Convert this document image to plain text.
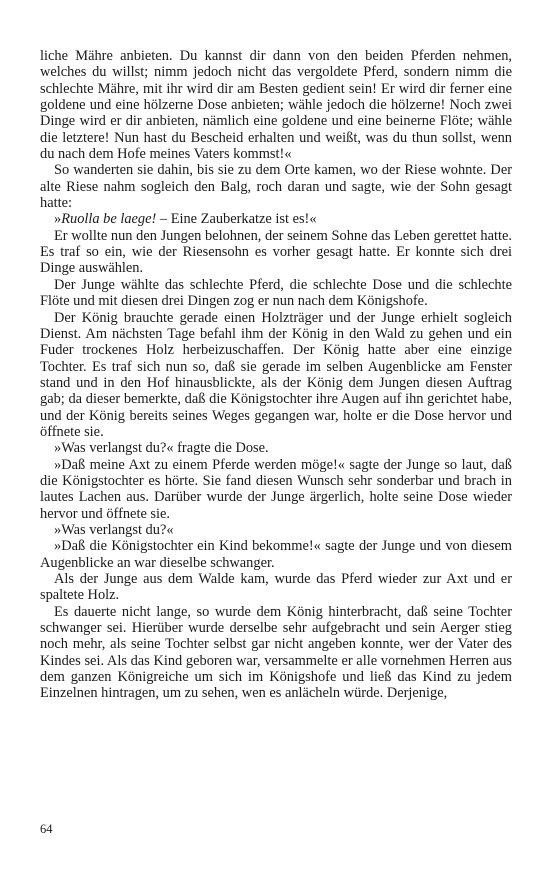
liche Mähre anbieten. Du kannst dir dann von den beiden Pferden nehmen, welches du willst; nimm jedoch nicht das vergoldete Pferd, sondern nimm die schlechte Mähre, mit ihr wird dir am Besten gedient sein! Er wird dir ferner eine goldene und eine hölzerne Dose anbieten; wähle jedoch die hölzerne! Noch zwei Dinge wird er dir anbieten, nämlich eine goldene und eine beinerne Flöte; wähle die letztere! Nun hast du Bescheid erhalten und weißt, was du thun sollst, wenn du nach dem Hofe meines Vaters kommst!«

So wanderten sie dahin, bis sie zu dem Orte kamen, wo der Riese wohnte. Der alte Riese nahm sogleich den Balg, roch daran und sagte, wie der Sohn gesagt hatte:

»Ruolla be laege! – Eine Zauberkatze ist es!«

Er wollte nun den Jungen belohnen, der seinem Sohne das Leben gerettet hatte. Es traf so ein, wie der Riesensohn es vorher gesagt hatte. Er konnte sich drei Dinge auswählen.

Der Junge wählte das schlechte Pferd, die schlechte Dose und die schlechte Flöte und mit diesen drei Dingen zog er nun nach dem Königshofe.

Der König brauchte gerade einen Holzträger und der Junge erhielt sogleich Dienst. Am nächsten Tage befahl ihm der König in den Wald zu gehen und ein Fuder trockenes Holz herbeizuschaffen. Der König hatte aber eine einzige Tochter. Es traf sich nun so, daß sie gerade im selben Augenblicke am Fenster stand und in den Hof hinausblickte, als der König dem Jungen diesen Auftrag gab; da dieser bemerkte, daß die Königstochter ihre Augen auf ihn gerichtet habe, und der König bereits seines Weges gegangen war, holte er die Dose hervor und öffnete sie.

»Was verlangst du?« fragte die Dose.

»Daß meine Axt zu einem Pferde werden möge!« sagte der Junge so laut, daß die Königstochter es hörte. Sie fand diesen Wunsch sehr sonderbar und brach in lautes Lachen aus. Darüber wurde der Junge ärgerlich, holte seine Dose wieder hervor und öffnete sie.

»Was verlangst du?«

»Daß die Königstochter ein Kind bekomme!« sagte der Junge und von diesem Augenblicke an war dieselbe schwanger.

Als der Junge aus dem Walde kam, wurde das Pferd wieder zur Axt und er spaltete Holz.

Es dauerte nicht lange, so wurde dem König hinterbracht, daß seine Tochter schwanger sei. Hierüber wurde derselbe sehr aufgebracht und sein Aerger stieg noch mehr, als seine Tochter selbst gar nicht angeben konnte, wer der Vater des Kindes sei. Als das Kind geboren war, versammelte er alle vornehmen Herren aus dem ganzen Königreiche um sich im Königshofe und ließ das Kind zu jedem Einzelnen hintragen, um zu sehen, wen es anlächeln würde. Derjenige,

64
